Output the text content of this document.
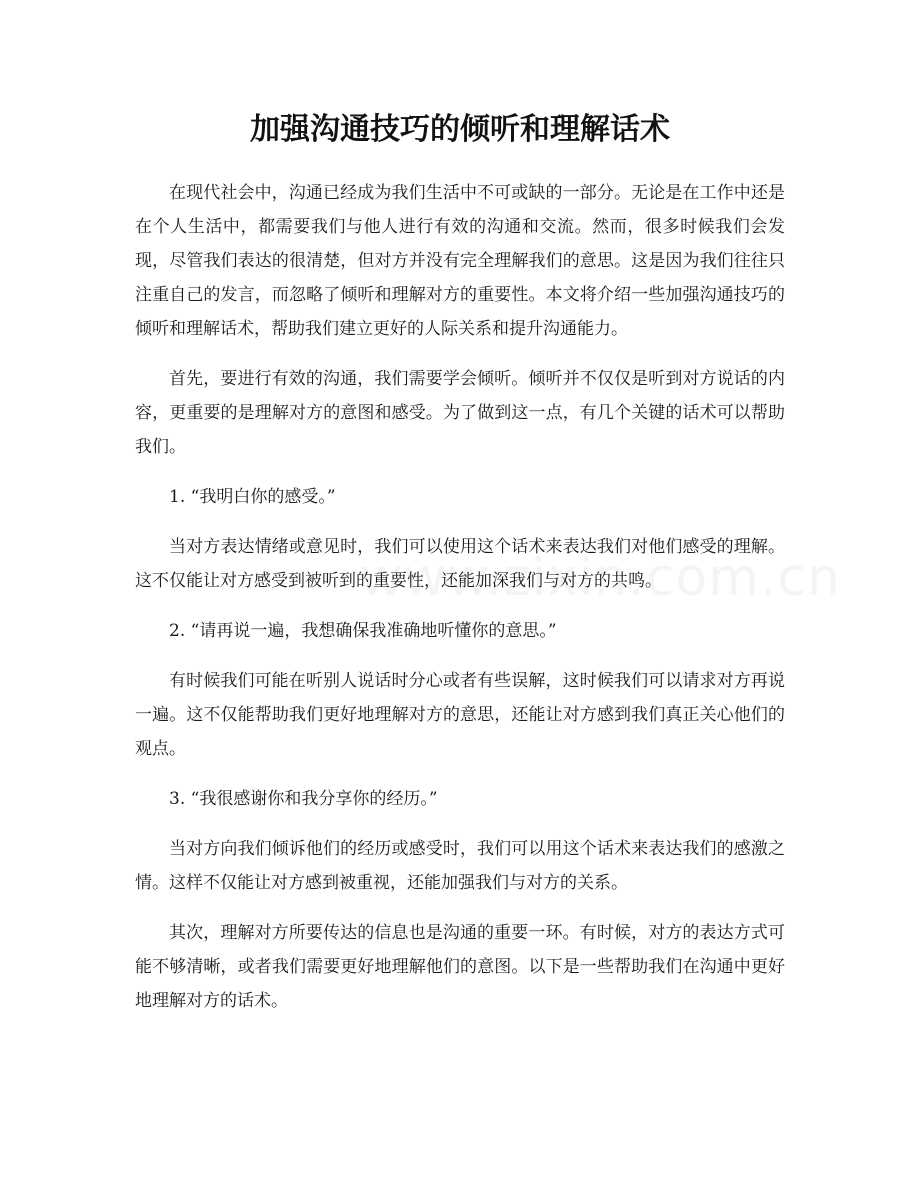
加强沟通技巧的倾听和理解话术

在现代社会中，沟通已经成为我们生活中不可或缺的一部分。无论是在工作中还是在个人生活中，都需要我们与他人进行有效的沟通和交流。然而，很多时候我们会发现，尽管我们表达的很清楚，但对方并没有完全理解我们的意思。这是因为我们往往只注重自己的发言，而忽略了倾听和理解对方的重要性。本文将介绍一些加强沟通技巧的倾听和理解话术，帮助我们建立更好的人际关系和提升沟通能力。

首先，要进行有效的沟通，我们需要学会倾听。倾听并不仅仅是听到对方说话的内容，更重要的是理解对方的意图和感受。为了做到这一点，有几个关键的话术可以帮助我们。

1. “我明白你的感受。”

当对方表达情绪或意见时，我们可以使用这个话术来表达我们对他们感受的理解。这不仅能让对方感受到被听到的重要性，还能加深我们与对方的共鸣。

2. “请再说一遍，我想确保我准确地听懂你的意思。”

有时候我们可能在听别人说话时分心或者有些误解，这时候我们可以请求对方再说一遍。这不仅能帮助我们更好地理解对方的意思，还能让对方感到我们真正关心他们的观点。

3. “我很感谢你和我分享你的经历。”

当对方向我们倾诉他们的经历或感受时，我们可以用这个话术来表达我们的感激之情。这样不仅能让对方感到被重视，还能加强我们与对方的关系。

其次，理解对方所要传达的信息也是沟通的重要一环。有时候，对方的表达方式可能不够清晰，或者我们需要更好地理解他们的意图。以下是一些帮助我们在沟通中更好地理解对方的话术。
